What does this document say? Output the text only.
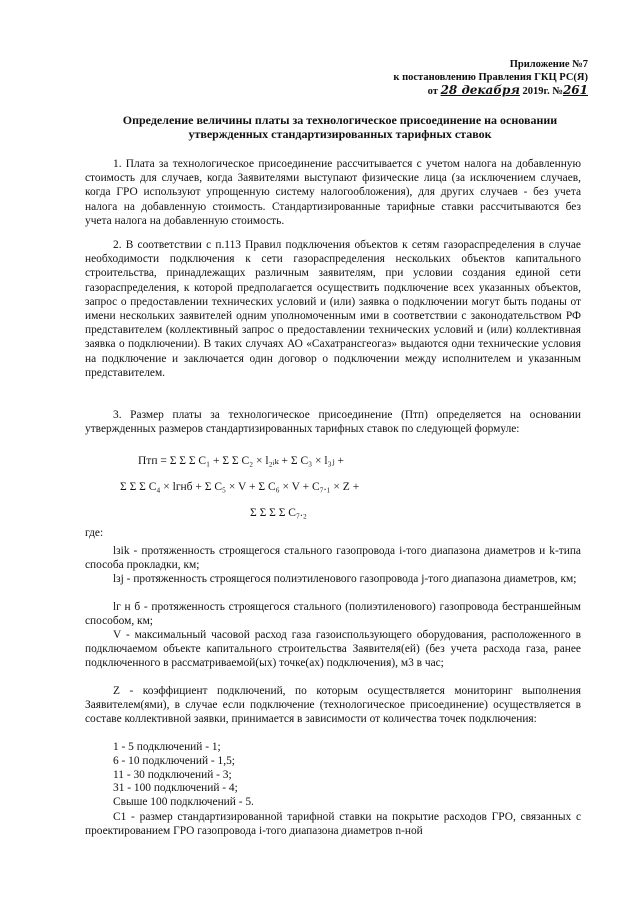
Приложение №7
к постановлению Правления ГКЦ РС(Я)
от 28 декабря 2019г. №261
Определение величины платы за технологическое присоединение на основании
утвержденных стандартизированных тарифных ставок
1. Плата за технологическое присоединение рассчитывается с учетом налога на добавленную стоимость для случаев, когда Заявителями выступают физические лица (за исключением случаев, когда ГРО используют упрощенную систему налогообложения), для других случаев - без учета налога на добавленную стоимость. Стандартизированные тарифные ставки рассчитываются без учета налога на добавленную стоимость.
2. В соответствии с п.113 Правил подключения объектов к сетям газораспределения в случае необходимости подключения к сети газораспределения нескольких объектов капитального строительства, принадлежащих различным заявителям, при условии создания единой сети газораспределения, к которой предполагается осуществить подключение всех указанных объектов, запрос о предоставлении технических условий и (или) заявка о подключении могут быть поданы от имени нескольких заявителей одним уполномоченным ими в соответствии с законодательством РФ представителем (коллективный запрос о предоставлении технических условий и (или) коллективная заявка о подключении). В таких случаях АО «Сахатрансгеогаз» выдаются одни технические условия на подключение и заключается один договор о подключении между исполнителем и указанным представителем.
3. Размер платы за технологическое присоединение (Птп) определяется на основании утвержденных размеров стандартизированных тарифных ставок по следующей формуле:
Птп = Σ Σ Σ C₁ + Σ Σ C₂ × l₂ᵢₖ + Σ C₃ × l₃ⱼ +
Σ Σ Σ C₄ × lгнб + Σ C₅ × V + Σ C₆ × V + C₇.₁ × Z +
Σ Σ Σ Σ C₇.₂
где:
lзik - протяженность строящегося стального газопровода i-того диапазона диаметров и k-типа способа прокладки, км;
lзj - протяженность строящегося полиэтиленового газопровода j-того диапазона диаметров, км;
lг н б - протяженность строящегося стального (полиэтиленового) газопровода бестраншейным способом, км;
V - максимальный часовой расход газа газоиспользующего оборудования, расположенного в подключаемом объекте капитального строительства Заявителя(ей) (без учета расхода газа, ранее подключенного в рассматриваемой(ых) точке(ах) подключения), м3 в час;
Z - коэффициент подключений, по которым осуществляется мониторинг выполнения Заявителем(ями), в случае если подключение (технологическое присоединение) осуществляется в составе коллективной заявки, принимается в зависимости от количества точек подключения:
1 - 5 подключений - 1;
6 - 10 подключений - 1,5;
11 - 30 подключений - 3;
31 - 100 подключений - 4;
Свыше 100 подключений - 5.
C1 - размер стандартизированной тарифной ставки на покрытие расходов ГРО, связанных с проектированием ГРО газопровода i-того диапазона диаметров n-ной
